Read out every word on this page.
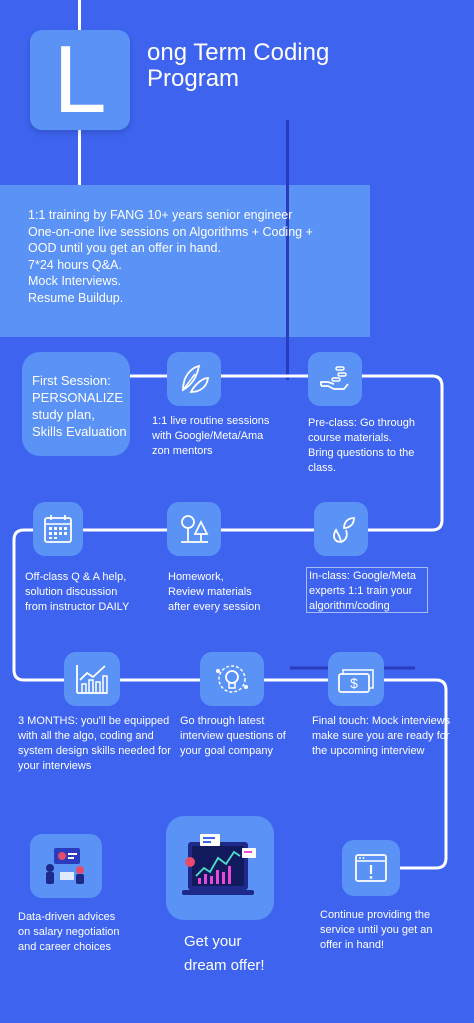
L ong Term Coding
Program
1:1 training by FANG 10+ years senior engineer
One-on-one live sessions on Algorithms + Coding +
OOD until you get an offer in hand.
7*24 hours Q&A.
Mock Interviews.
Resume Buildup.
First Session:
PERSONALIZE
study plan,
Skills Evaluation
1:1 live routine sessions
with Google/Meta/Ama
zon mentors
Pre-class: Go through
course materials.
Bring questions to the
class.
Off-class Q & A help,
solution discussion
from instructor DAILY
Homework,
Review materials
after every session
In-class: Google/Meta
experts 1:1 train your
algorithm/coding
3 MONTHS: you'll be equipped
with all the algo, coding and
system design skills needed for
your interviews
Go through latest
interview questions of
your goal company
$
Final touch: Mock interviews
make sure you are ready for
the upcoming interview
Data-driven advices
on salary negotiation
and career choices	Get your
dream offer!
Continue providing the
service until you get an
offer in hand!
